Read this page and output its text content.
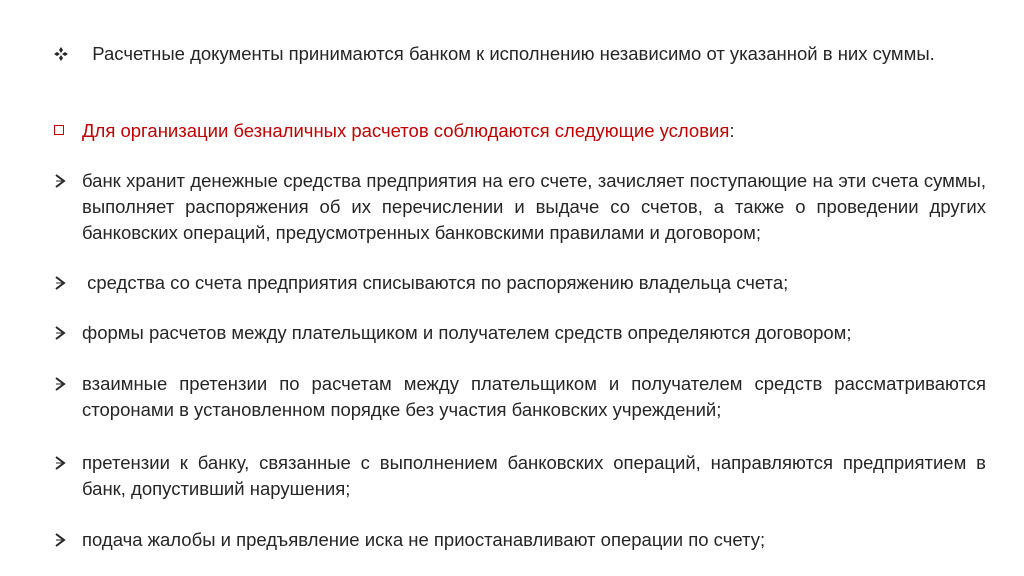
Расчетные документы принимаются банком к исполнению независимо от указанной в них суммы.
Для организации безналичных расчетов соблюдаются следующие условия:
банк хранит денежные средства предприятия на его счете, зачисляет поступающие на эти счета суммы, выполняет распоряжения об их перечислении и выдаче со счетов, а также о проведении других банковских операций, предусмотренных банковскими правилами и договором;
средства со счета предприятия списываются по распоряжению владельца счета;
формы расчетов между плательщиком и получателем средств определяются договором;
взаимные претензии по расчетам между плательщиком и получателем средств рассматриваются сторонами в установленном порядке без участия банковских учреждений;
претензии к банку, связанные с выполнением банковских операций, направляются предприятием в банк, допустивший нарушения;
подача жалобы и предъявление иска не приостанавливают операции по счету;
